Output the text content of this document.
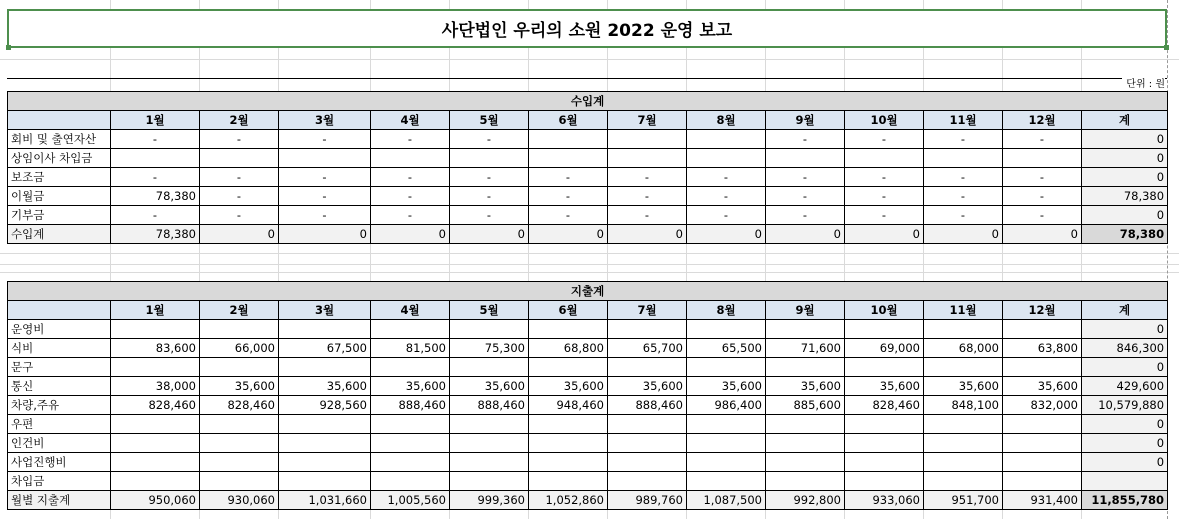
사단법인 우리의 소원 2022 운영 보고
단위 : 원
수입계													
	1월	2월	3월	4월	5월	6월	7월	8월	9월	10월	11월	12월	계
회비 및 출연자산	-	-	-	-	-				-	-	-	-	0
상임이사 차입금													0
보조금	-	-	-	-	-	-	-	-	-	-	-	-	0
이월금	78,380	-	-	-	-	-	-	-	-	-	-	-	78,380
기부금	-	-	-	-	-	-	-	-	-	-	-	-	0
수입계	78,380	0	0	0	0	0	0	0	0	0	0	0	78,380
지출계													
	1월	2월	3월	4월	5월	6월	7월	8월	9월	10월	11월	12월	계
운영비													0
식비	83,600	66,000	67,500	81,500	75,300	68,800	65,700	65,500	71,600	69,000	68,000	63,800	846,300
문구													0
통신	38,000	35,600	35,600	35,600	35,600	35,600	35,600	35,600	35,600	35,600	35,600	35,600	429,600
차량,주유	828,460	828,460	928,560	888,460	888,460	948,460	888,460	986,400	885,600	828,460	848,100	832,000	10,579,880
우편													0
인건비													0
사업진행비													0
차입금													
월별 지출계	950,060	930,060	1,031,660	1,005,560	999,360	1,052,860	989,760	1,087,500	992,800	933,060	951,700	931,400	11,855,780
